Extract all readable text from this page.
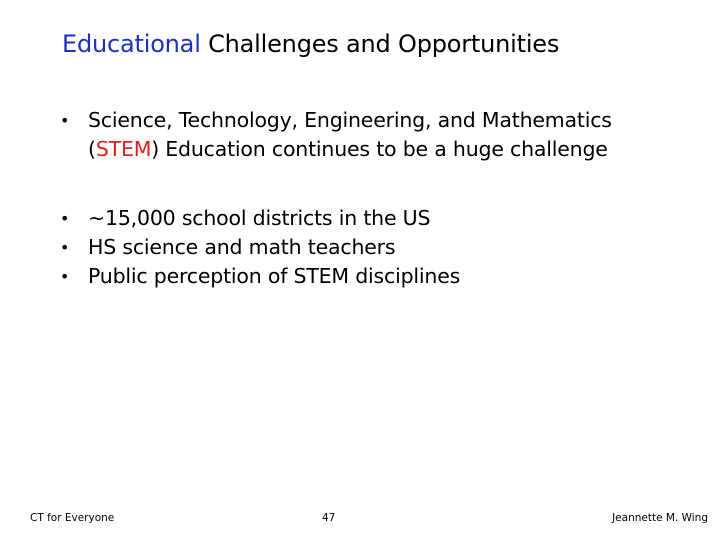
Educational Challenges and Opportunities
• Science, Technology, Engineering, and Mathematics (STEM) Education continues to be a huge challenge
• ~15,000 school districts in the US
• HS science and math teachers
• Public perception of STEM disciplines
CT for Everyone	47	Jeannette M. Wing
